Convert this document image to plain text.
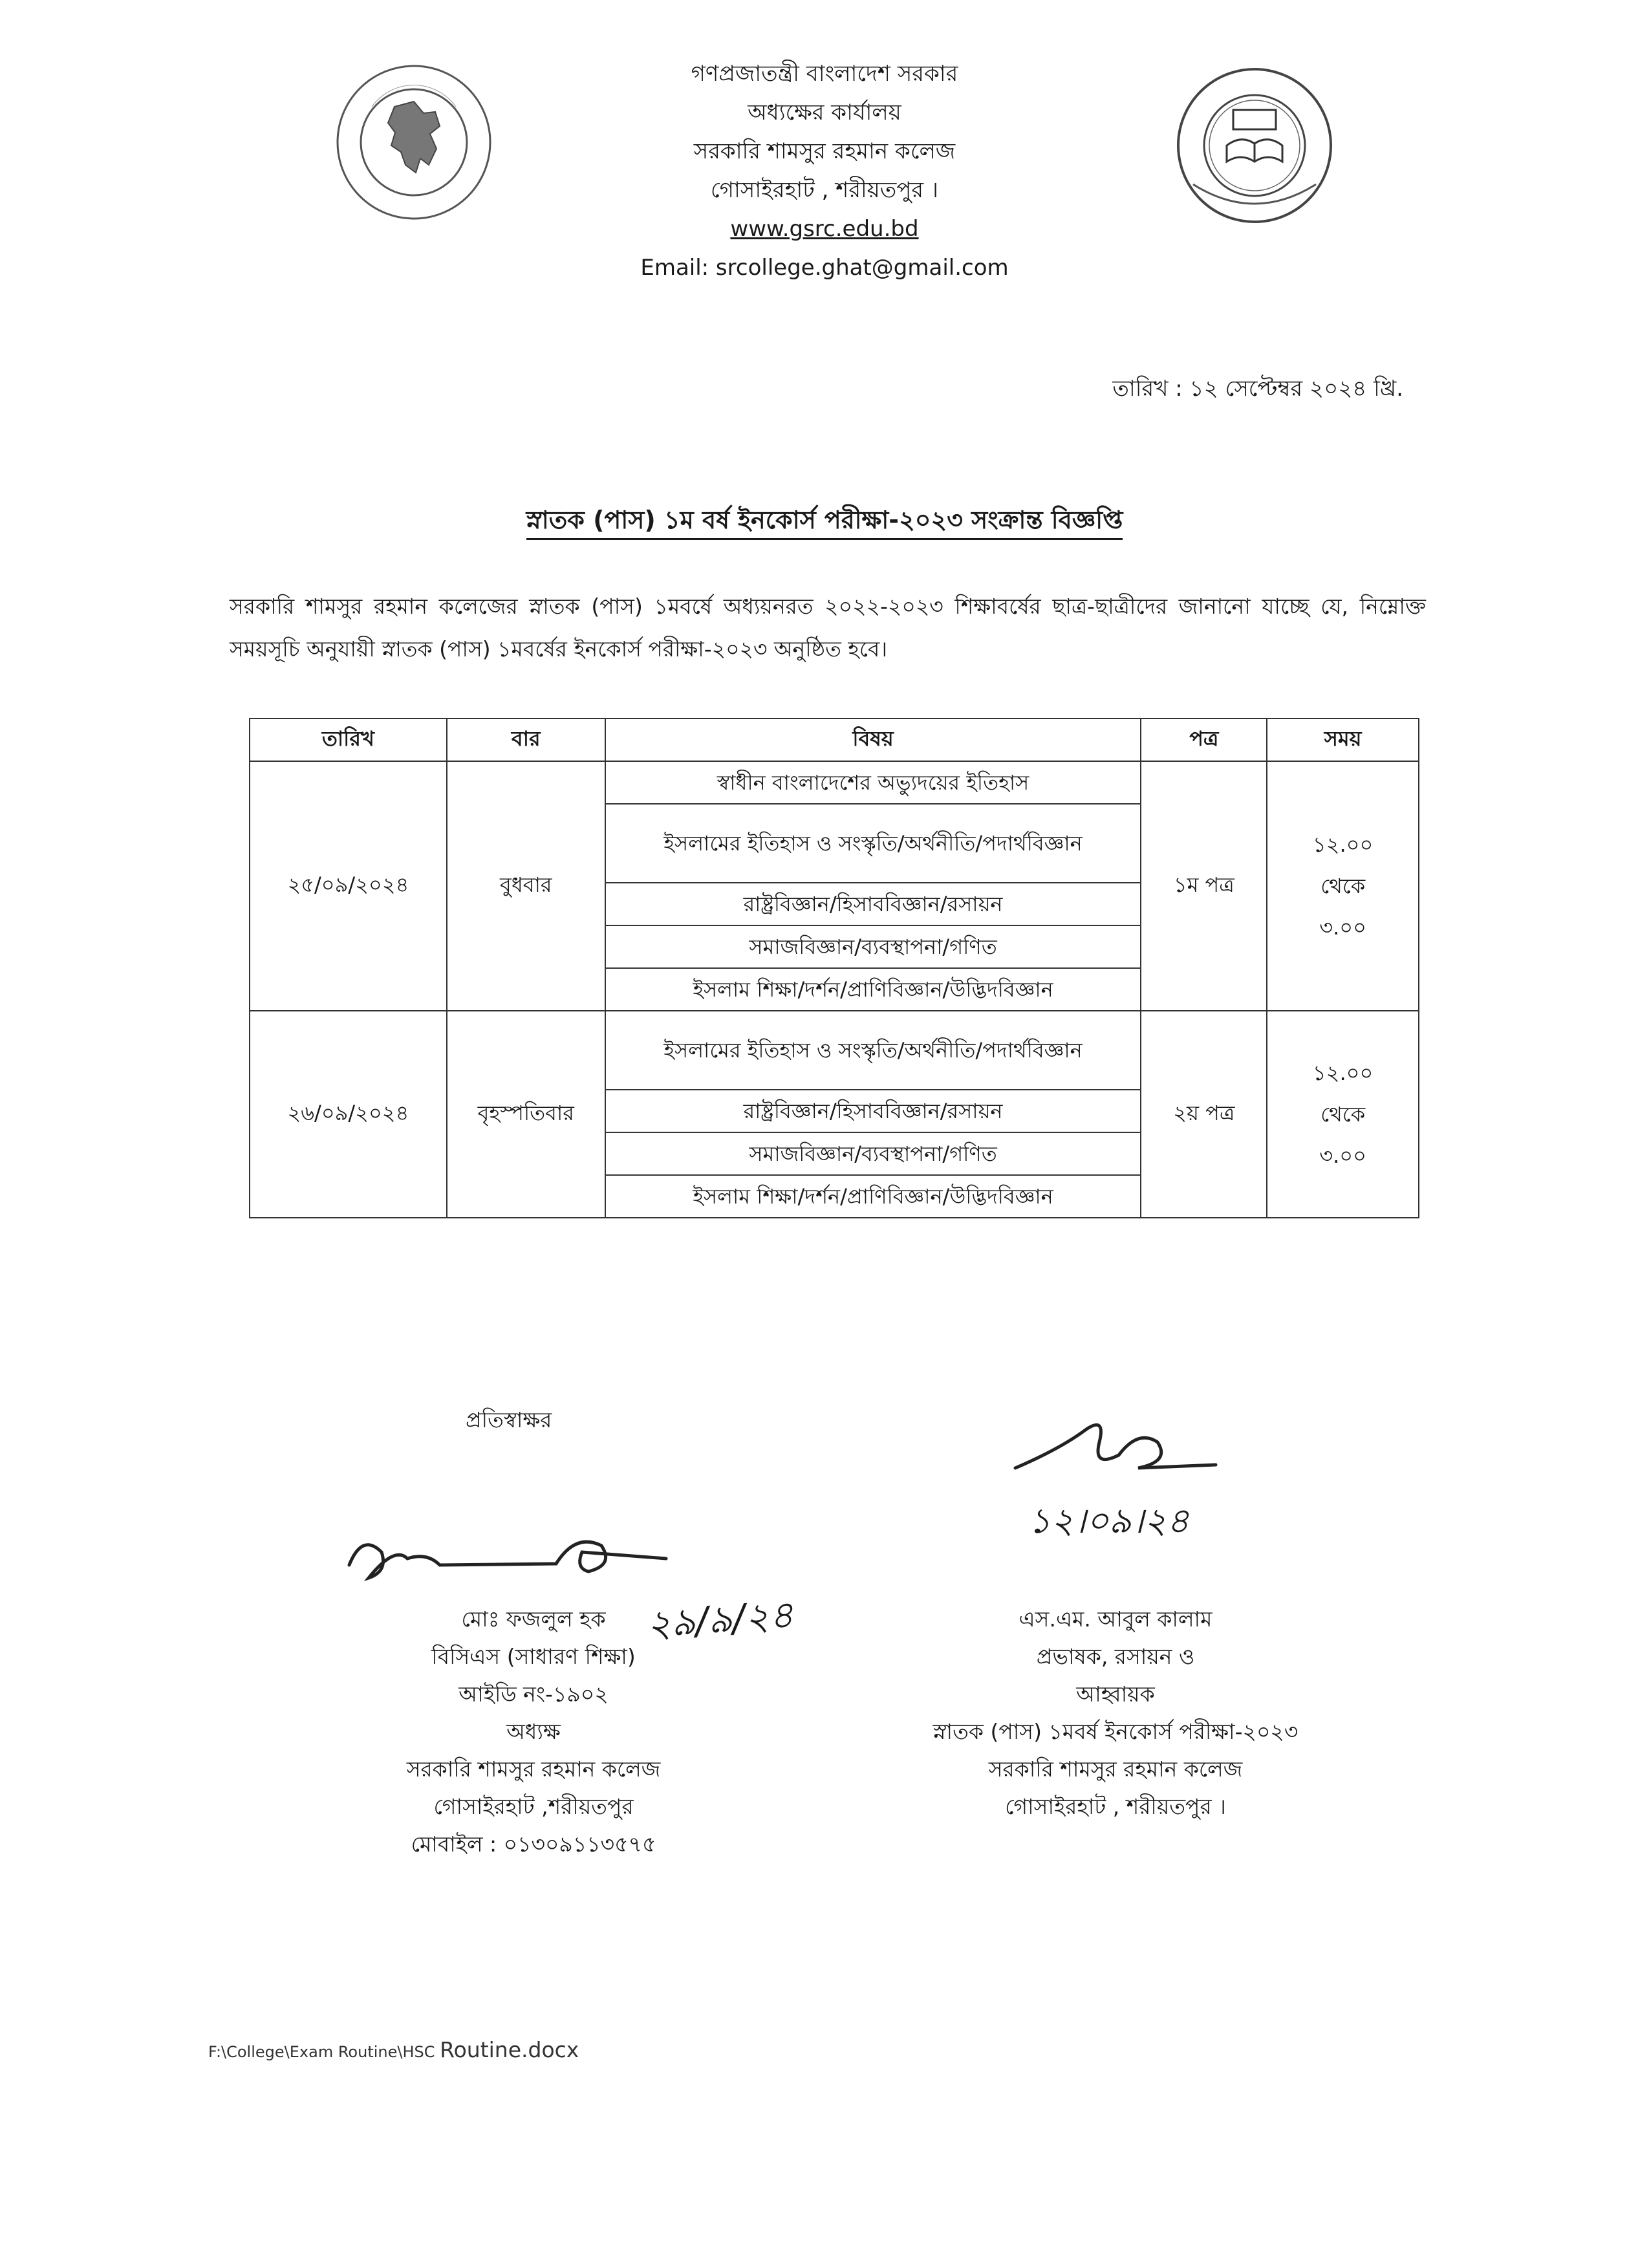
গণপ্রজাতন্ত্রী বাংলাদেশ সরকার
অধ্যক্ষের কার্যালয়
সরকারি শামসুর রহমান কলেজ
গোসাইরহাট , শরীয়তপুর ।
www.gsrc.edu.bd
Email: srcollege.ghat@gmail.com
তারিখ : ১২ সেপ্টেম্বর ২০২৪ খ্রি.
স্নাতক (পাস) ১ম বর্ষ ইনকোর্স পরীক্ষা-২০২৩ সংক্রান্ত বিজ্ঞপ্তি
সরকারি শামসুর রহমান কলেজের স্নাতক (পাস) ১মবর্ষে অধ্যয়নরত ২০২২-২০২৩ শিক্ষাবর্ষের ছাত্র-ছাত্রীদের জানানো যাচ্ছে যে, নিম্নোক্ত সময়সূচি অনুযায়ী স্নাতক (পাস) ১মবর্ষের ইনকোর্স পরীক্ষা-২০২৩ অনুষ্ঠিত হবে।
তারিখ	বার	বিষয়	পত্র	সময়
২৫/০৯/২০২৪	বুধবার	স্বাধীন বাংলাদেশের অভ্যুদয়ের ইতিহাস	১ম পত্র	১২.০০
থেকে
৩.০০

		ইসলামের ইতিহাস ও সংস্কৃতি/অর্থনীতি/পদার্থবিজ্ঞান		
		রাষ্ট্রবিজ্ঞান/হিসাববিজ্ঞান/রসায়ন		
		সমাজবিজ্ঞান/ব্যবস্থাপনা/গণিত		
		ইসলাম শিক্ষা/দর্শন/প্রাণিবিজ্ঞান/উদ্ভিদবিজ্ঞান		
২৬/০৯/২০২৪	বৃহস্পতিবার	ইসলামের ইতিহাস ও সংস্কৃতি/অর্থনীতি/পদার্থবিজ্ঞান	২য় পত্র	১২.০০
থেকে
৩.০০

		রাষ্ট্রবিজ্ঞান/হিসাববিজ্ঞান/রসায়ন		
		সমাজবিজ্ঞান/ব্যবস্থাপনা/গণিত		
		ইসলাম শিক্ষা/দর্শন/প্রাণিবিজ্ঞান/উদ্ভিদবিজ্ঞান		
প্রতিস্বাক্ষর
২৯/৯/২৪
১২।০৯।২৪
মোঃ ফজলুল হক
বিসিএস (সাধারণ শিক্ষা)
আইডি নং-১৯০২
অধ্যক্ষ
সরকারি শামসুর রহমান কলেজ
গোসাইরহাট ,শরীয়তপুর
মোবাইল : ০১৩০৯১১৩৫৭৫
এস.এম. আবুল কালাম
প্রভাষক, রসায়ন ও
আহ্বায়ক
স্নাতক (পাস) ১মবর্ষ ইনকোর্স পরীক্ষা-২০২৩
সরকারি শামসুর রহমান কলেজ
গোসাইরহাট , শরীয়তপুর ।
F:\College\Exam Routine\HSC Routine.docx
